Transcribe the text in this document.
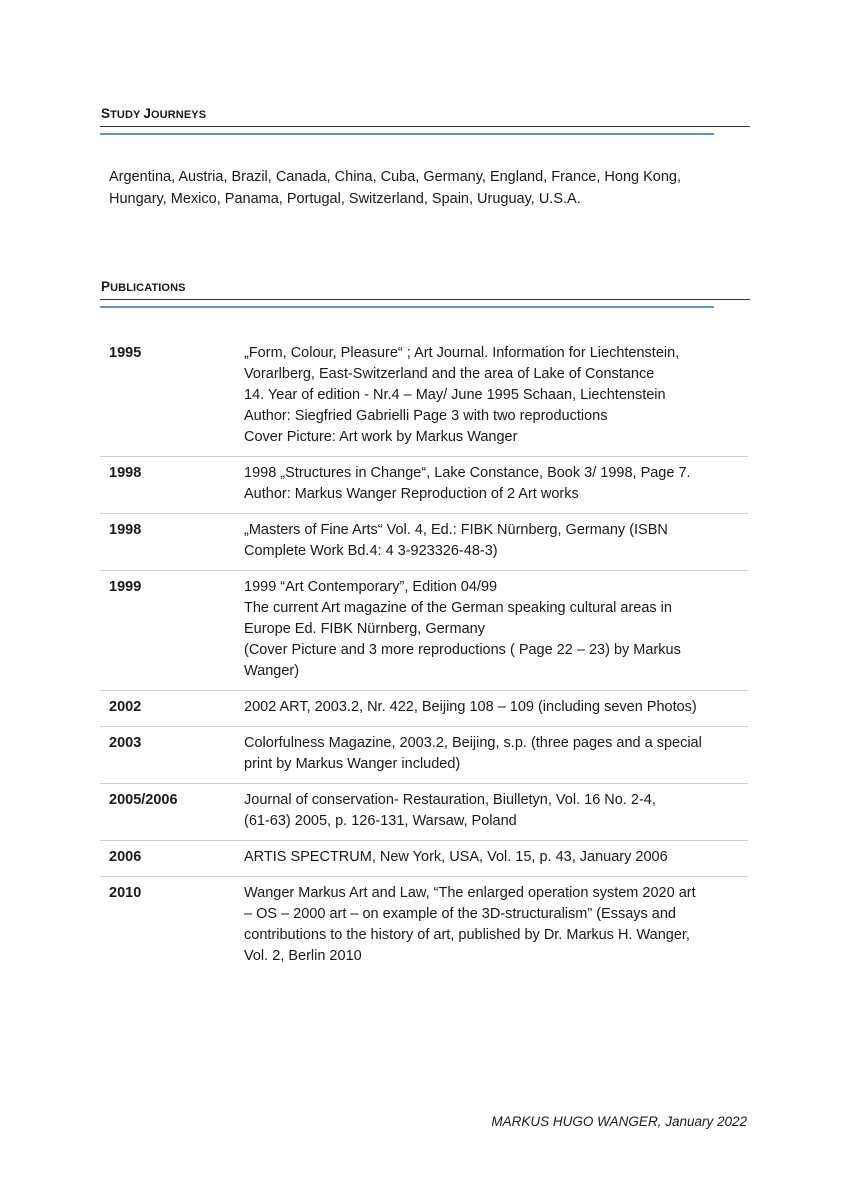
STUDY JOURNEYS
Argentina, Austria, Brazil, Canada, China, Cuba, Germany, England, France, Hong Kong,
Hungary, Mexico, Panama, Portugal, Switzerland, Spain, Uruguay, U.S.A.
PUBLICATIONS
1995	„Form, Colour, Pleasure“ ; Art Journal. Information for Liechtenstein,
Vorarlberg, East-Switzerland and the area of Lake of Constance
14. Year of edition - Nr.4 – May/ June 1995 Schaan, Liechtenstein
Author: Siegfried Gabrielli Page 3 with two reproductions
Cover Picture: Art work by Markus Wanger
1998	1998 „Structures in Change“, Lake Constance, Book 3/ 1998, Page 7.
Author: Markus Wanger Reproduction of 2 Art works
1998	„Masters of Fine Arts“ Vol. 4, Ed.: FIBK Nürnberg, Germany (ISBN
Complete Work Bd.4: 4 3-923326-48-3)
1999	1999 “Art Contemporary”, Edition 04/99
The current Art magazine of the German speaking cultural areas in
Europe Ed. FIBK Nürnberg, Germany
(Cover Picture and 3 more reproductions ( Page 22 – 23) by Markus
Wanger)
2002	2002 ART, 2003.2, Nr. 422, Beijing 108 – 109 (including seven Photos)
2003	Colorfulness Magazine, 2003.2, Beijing, s.p. (three pages and a special
print by Markus Wanger included)
2005/2006	Journal of conservation- Restauration, Biulletyn, Vol. 16 No. 2-4,
(61-63) 2005, p. 126-131, Warsaw, Poland
2006	ARTIS SPECTRUM, New York, USA, Vol. 15, p. 43, January 2006
2010	Wanger Markus Art and Law, “The enlarged operation system 2020 art
– OS – 2000 art – on example of the 3D-structuralism” (Essays and
contributions to the history of art, published by Dr. Markus H. Wanger,
Vol. 2, Berlin 2010
MARKUS HUGO WANGER, January 2022
